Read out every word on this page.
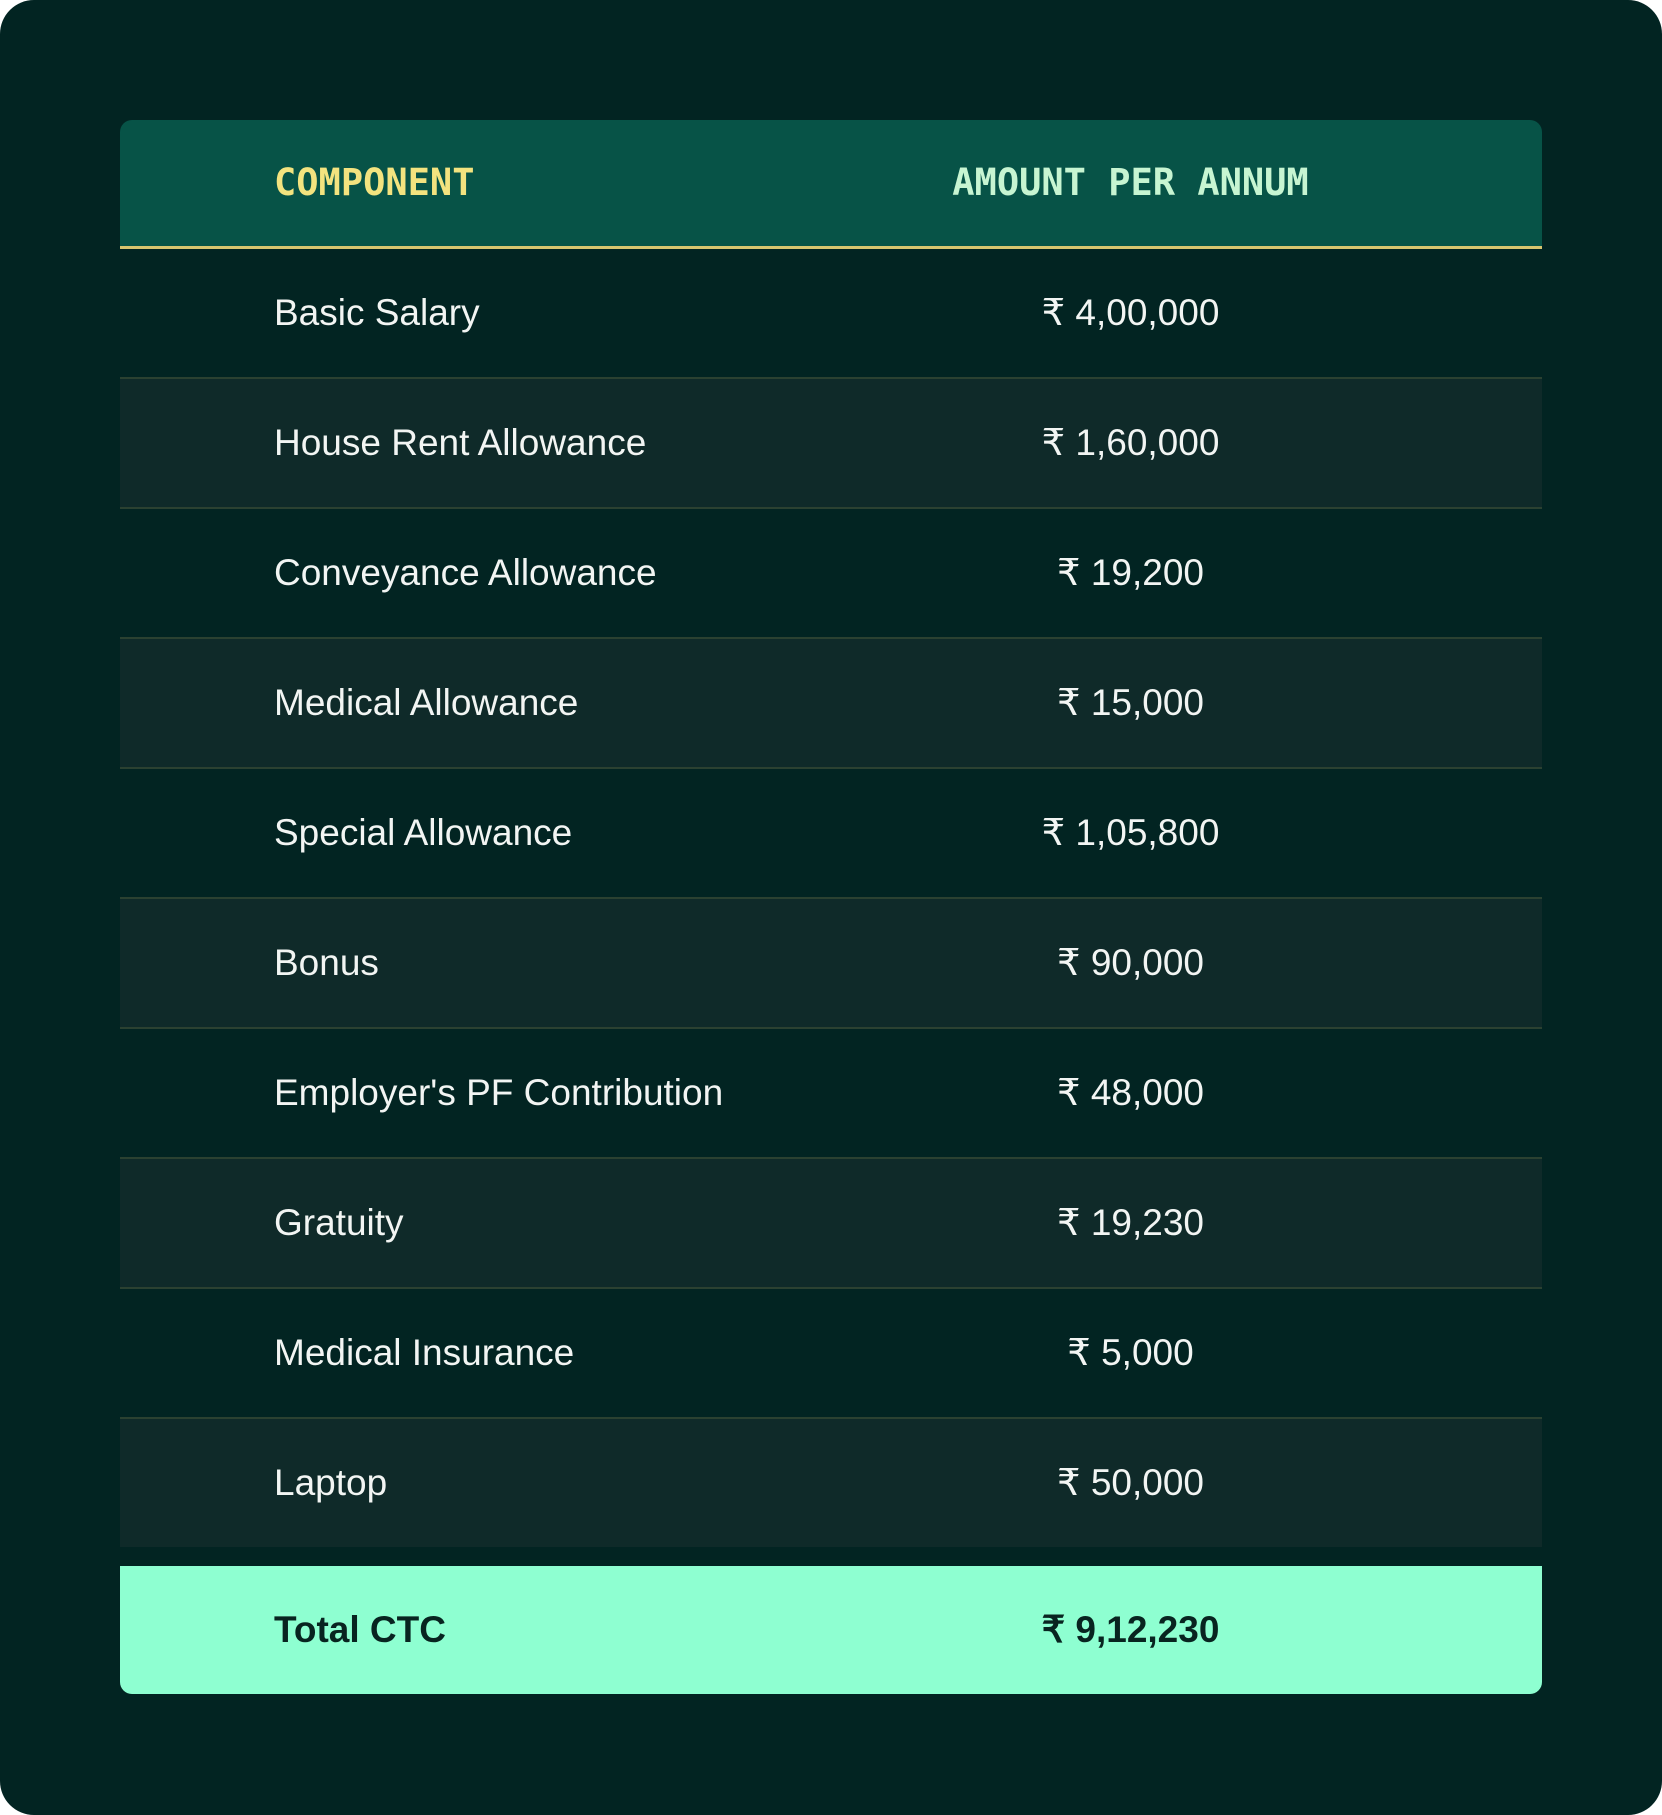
COMPONENT	AMOUNT PER ANNUM
Basic Salary	₹ 4,00,000
House Rent Allowance	₹ 1,60,000
Conveyance Allowance	₹ 19,200
Medical Allowance	₹ 15,000
Special Allowance	₹ 1,05,800
Bonus	₹ 90,000
Employer's PF Contribution	₹ 48,000
Gratuity	₹ 19,230
Medical Insurance	₹ 5,000
Laptop	₹ 50,000
Total CTC	₹ 9,12,230
